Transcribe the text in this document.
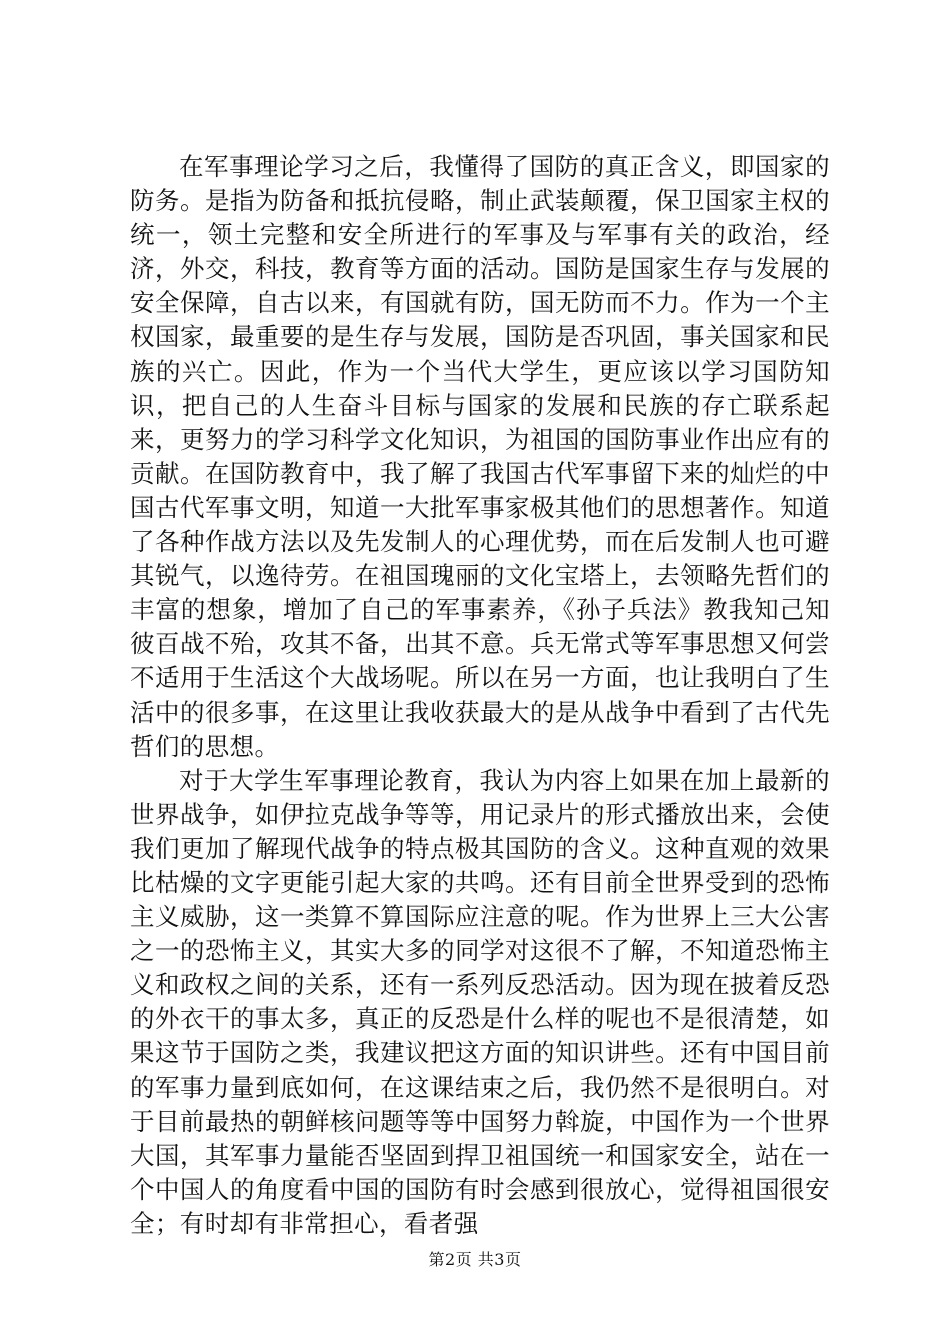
在军事理论学习之后，我懂得了国防的真正含义，即国家的防务。是指为防备和抵抗侵略，制止武装颠覆，保卫国家主权的统一，领土完整和安全所进行的军事及与军事有关的政治，经济，外交，科技，教育等方面的活动。国防是国家生存与发展的安全保障，自古以来，有国就有防，国无防而不力。作为一个主权国家，最重要的是生存与发展，国防是否巩固，事关国家和民族的兴亡。因此，作为一个当代大学生，更应该以学习国防知识，把自己的人生奋斗目标与国家的发展和民族的存亡联系起来，更努力的学习科学文化知识，为祖国的国防事业作出应有的贡献。在国防教育中，我了解了我国古代军事留下来的灿烂的中国古代军事文明，知道一大批军事家极其他们的思想著作。知道了各种作战方法以及先发制人的心理优势，而在后发制人也可避其锐气，以逸待劳。在祖国瑰丽的文化宝塔上，去领略先哲们的丰富的想象，增加了自己的军事素养，《孙子兵法》教我知己知彼百战不殆，攻其不备，出其不意。兵无常式等军事思想又何尝不适用于生活这个大战场呢。所以在另一方面，也让我明白了生活中的很多事，在这里让我收获最大的是从战争中看到了古代先哲们的思想。

对于大学生军事理论教育，我认为内容上如果在加上最新的世界战争，如伊拉克战争等等，用记录片的形式播放出来，会使我们更加了解现代战争的特点极其国防的含义。这种直观的效果比枯燥的文字更能引起大家的共鸣。还有目前全世界受到的恐怖主义威胁，这一类算不算国际应注意的呢。作为世界上三大公害之一的恐怖主义，其实大多的同学对这很不了解，不知道恐怖主义和政权之间的关系，还有一系列反恐活动。因为现在披着反恐的外衣干的事太多，真正的反恐是什么样的呢也不是很清楚，如果这节于国防之类，我建议把这方面的知识讲些。还有中国目前的军事力量到底如何，在这课结束之后，我仍然不是很明白。对于目前最热的朝鲜核问题等等中国努力斡旋，中国作为一个世界大国，其军事力量能否坚固到捍卫祖国统一和国家安全，站在一个中国人的角度看中国的国防有时会感到很放心，觉得祖国很安全；有时却有非常担心，看者强

第2页 共3页
